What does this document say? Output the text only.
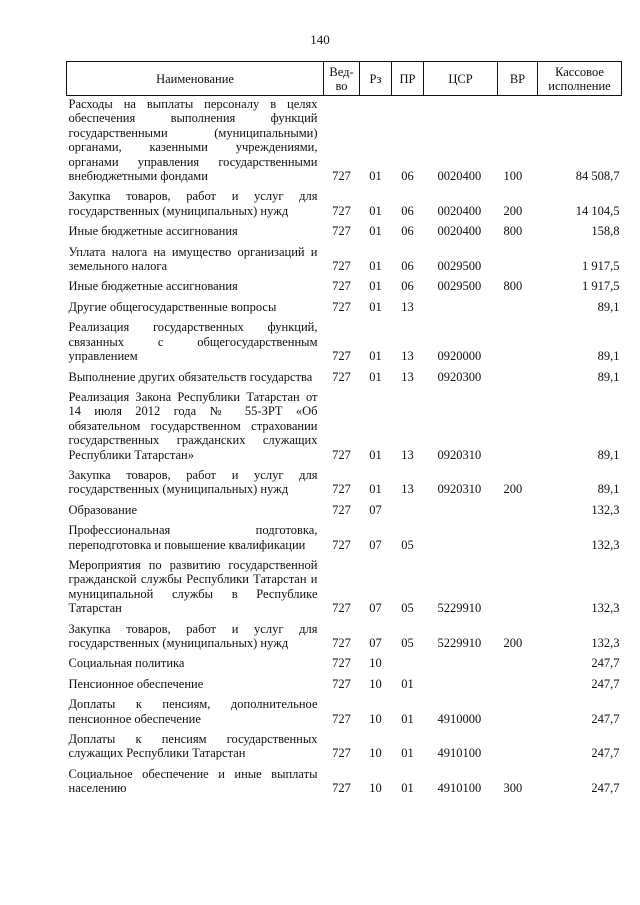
140
Наименование	Вед-во	Рз	ПР	ЦСР	ВР	Кассовое исполнение
Расходы на выплаты персоналу в целях обеспечения выполнения функций государственными (муниципальными) органами, казенными учреждениями, органами управления государственными внебюджетными фондами	727	01	06	0020400	100	84 508,7
Закупка товаров, работ и услуг для государственных (муниципальных) нужд	727	01	06	0020400	200	14 104,5
Иные бюджетные ассигнования	727	01	06	0020400	800	158,8
Уплата налога на имущество организаций и земельного налога	727	01	06	0029500		1 917,5
Иные бюджетные ассигнования	727	01	06	0029500	800	1 917,5
Другие общегосударственные вопросы	727	01	13			89,1
Реализация государственных функций, связанных с общегосударственным управлением	727	01	13	0920000		89,1
Выполнение других обязательств государства	727	01	13	0920300		89,1
Реализация Закона Республики Татарстан от 14 июля 2012 года № 55-ЗРТ «Об обязательном государственном страховании государственных гражданских служащих Республики Татарстан»	727	01	13	0920310		89,1
Закупка товаров, работ и услуг для государственных (муниципальных) нужд	727	01	13	0920310	200	89,1
Образование	727	07				132,3
Профессиональная подготовка, переподготовка и повышение квалификации	727	07	05			132,3
Мероприятия по развитию государственной гражданской службы Республики Татарстан и муниципальной службы в Республике Татарстан	727	07	05	5229910		132,3
Закупка товаров, работ и услуг для государственных (муниципальных) нужд	727	07	05	5229910	200	132,3
Социальная политика	727	10				247,7
Пенсионное обеспечение	727	10	01			247,7
Доплаты к пенсиям, дополнительное пенсионное обеспечение	727	10	01	4910000		247,7
Доплаты к пенсиям государственных служащих Республики Татарстан	727	10	01	4910100		247,7
Социальное обеспечение и иные выплаты населению	727	10	01	4910100	300	247,7
